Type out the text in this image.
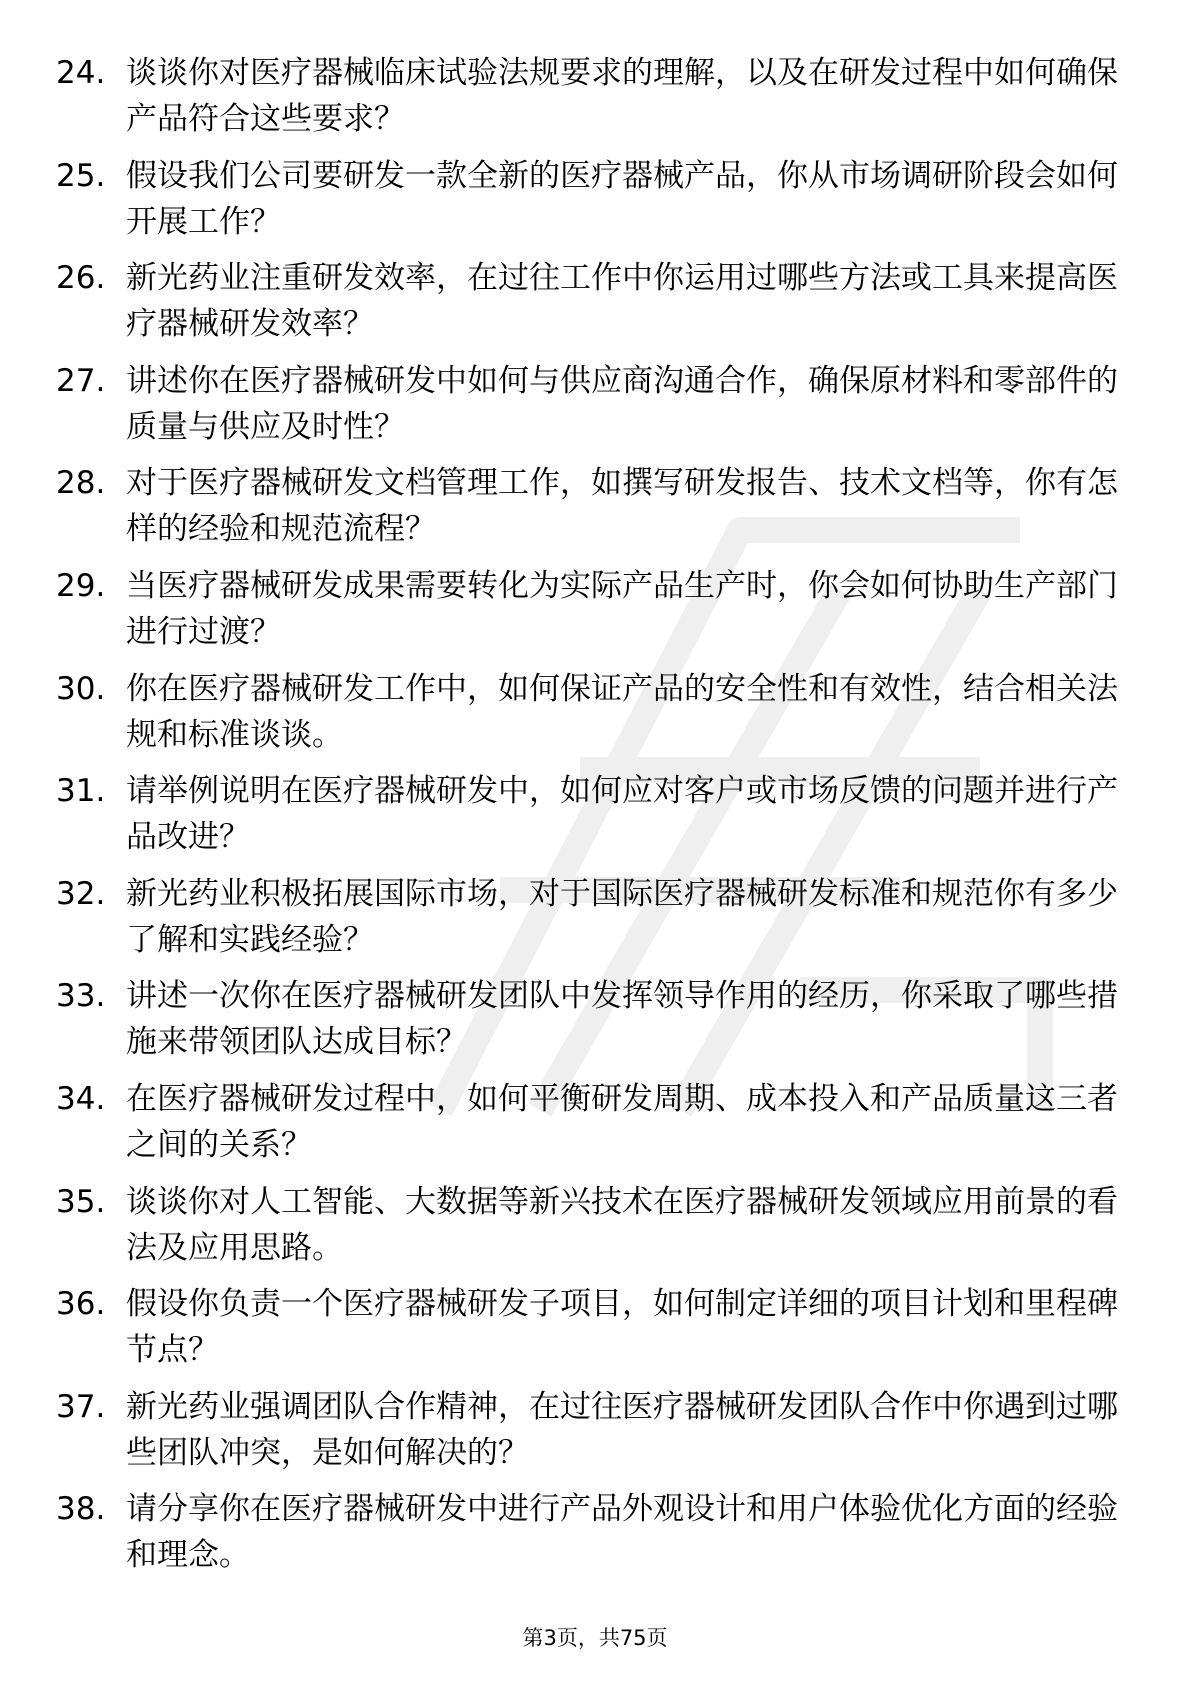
24. 谈谈你对医疗器械临床试验法规要求的理解，以及在研发过程中如何确保产品符合这些要求？
25. 假设我们公司要研发一款全新的医疗器械产品，你从市场调研阶段会如何开展工作？
26. 新光药业注重研发效率，在过往工作中你运用过哪些方法或工具来提高医疗器械研发效率？
27. 讲述你在医疗器械研发中如何与供应商沟通合作，确保原材料和零部件的质量与供应及时性？
28. 对于医疗器械研发文档管理工作，如撰写研发报告、技术文档等，你有怎样的经验和规范流程？
29. 当医疗器械研发成果需要转化为实际产品生产时，你会如何协助生产部门进行过渡？
30. 你在医疗器械研发工作中，如何保证产品的安全性和有效性，结合相关法规和标准谈谈。
31. 请举例说明在医疗器械研发中，如何应对客户或市场反馈的问题并进行产品改进？
32. 新光药业积极拓展国际市场，对于国际医疗器械研发标准和规范你有多少了解和实践经验？
33. 讲述一次你在医疗器械研发团队中发挥领导作用的经历，你采取了哪些措施来带领团队达成目标？
34. 在医疗器械研发过程中，如何平衡研发周期、成本投入和产品质量这三者之间的关系？
35. 谈谈你对人工智能、大数据等新兴技术在医疗器械研发领域应用前景的看法及应用思路。
36. 假设你负责一个医疗器械研发子项目，如何制定详细的项目计划和里程碑节点？
37. 新光药业强调团队合作精神，在过往医疗器械研发团队合作中你遇到过哪些团队冲突，是如何解决的？
38. 请分享你在医疗器械研发中进行产品外观设计和用户体验优化方面的经验和理念。
第3页，共75页
